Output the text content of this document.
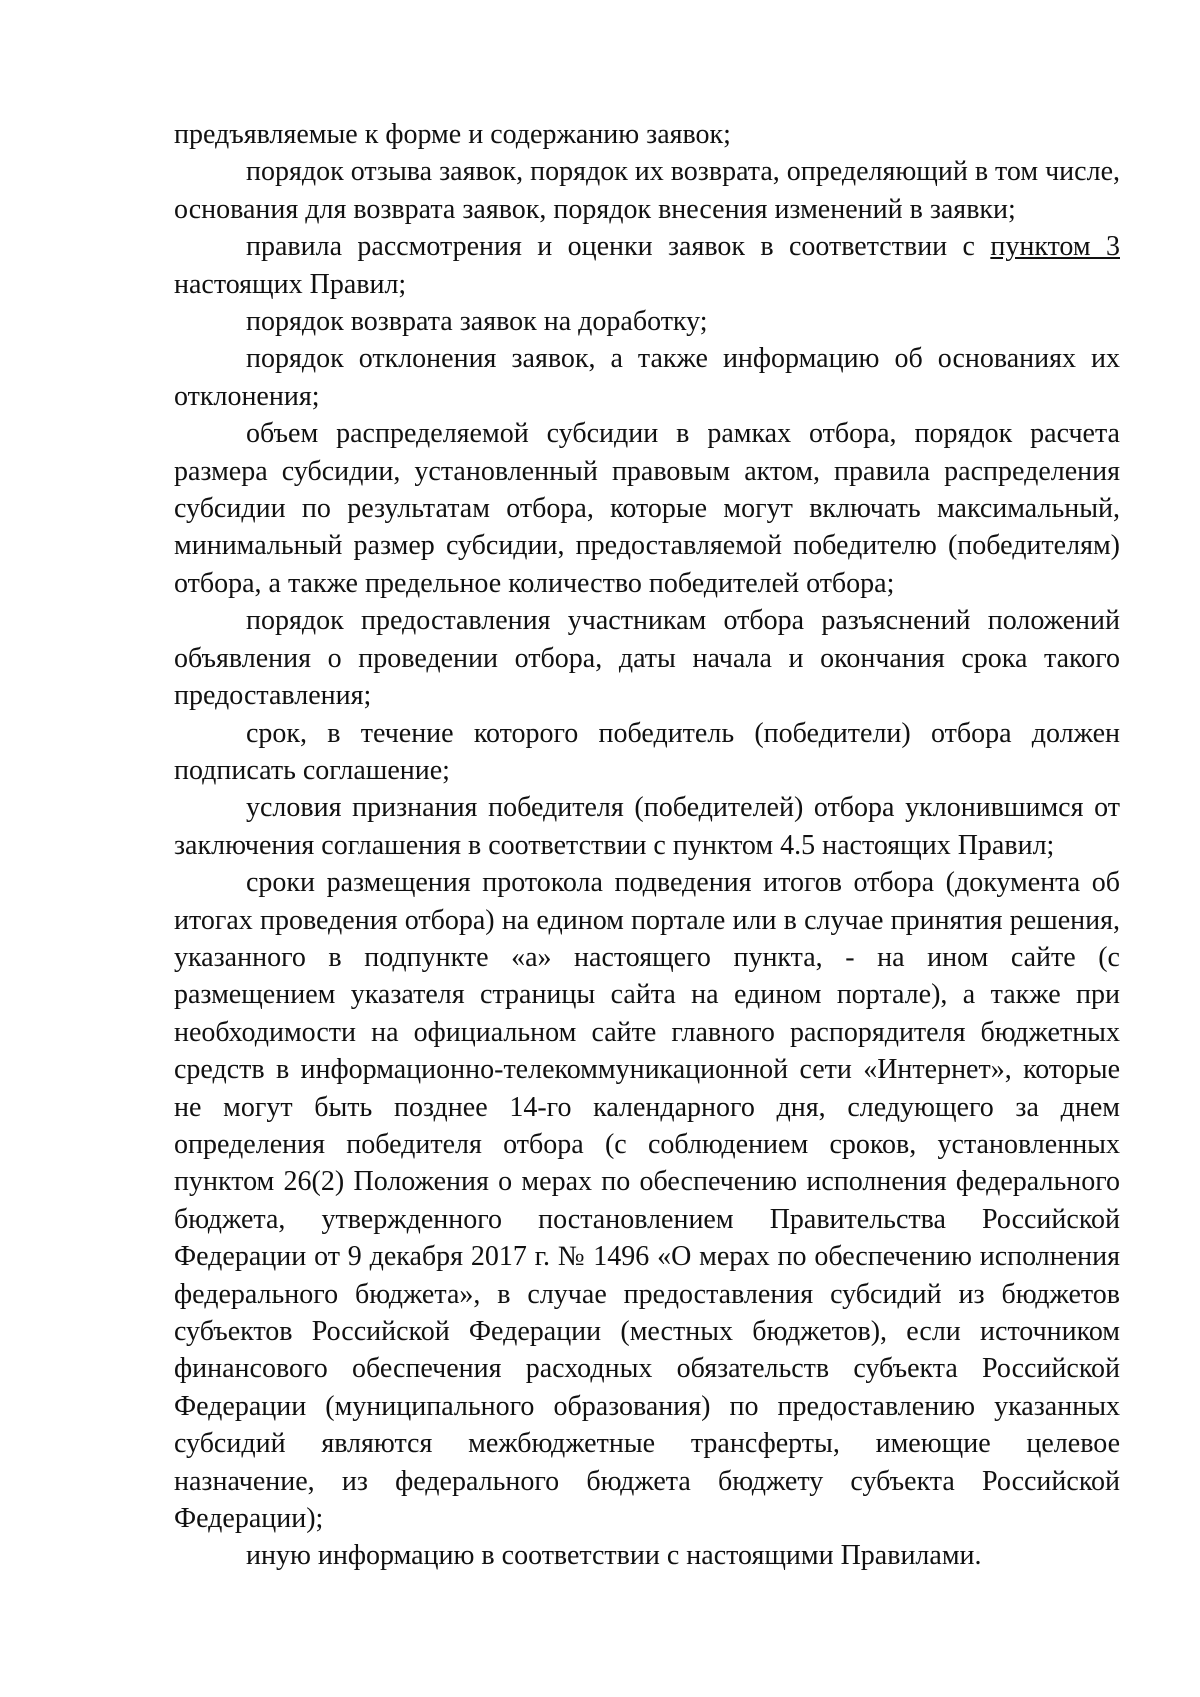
предъявляемые к форме и содержанию заявок;

порядок отзыва заявок, порядок их возврата, определяющий в том числе, основания для возврата заявок, порядок внесения изменений в заявки;

правила рассмотрения и оценки заявок в соответствии с пунктом 3 настоящих Правил;

порядок возврата заявок на доработку;

порядок отклонения заявок, а также информацию об основаниях их отклонения;

объем распределяемой субсидии в рамках отбора, порядок расчета размера субсидии, установленный правовым актом, правила распределения субсидии по результатам отбора, которые могут включать максимальный, минимальный размер субсидии, предоставляемой победителю (победителям) отбора, а также предельное количество победителей отбора;

порядок предоставления участникам отбора разъяснений положений объявления о проведении отбора, даты начала и окончания срока такого предоставления;

срок, в течение которого победитель (победители) отбора должен подписать соглашение;

условия признания победителя (победителей) отбора уклонившимся от заключения соглашения в соответствии с пунктом 4.5 настоящих Правил;

сроки размещения протокола подведения итогов отбора (документа об итогах проведения отбора) на едином портале или в случае принятия решения, указанного в подпункте «а» настоящего пункта, - на ином сайте (с размещением указателя страницы сайта на едином портале), а также при необходимости на официальном сайте главного распорядителя бюджетных средств в информационно-телекоммуникационной сети «Интернет», которые не могут быть позднее 14-го календарного дня, следующего за днем определения победителя отбора (с соблюдением сроков, установленных пунктом 26(2) Положения о мерах по обеспечению исполнения федерального бюджета, утвержденного постановлением Правительства Российской Федерации от 9 декабря 2017 г. № 1496 «О мерах по обеспечению исполнения федерального бюджета», в случае предоставления субсидий из бюджетов субъектов Российской Федерации (местных бюджетов), если источником финансового обеспечения расходных обязательств субъекта Российской Федерации (муниципального образования) по предоставлению указанных субсидий являются межбюджетные трансферты, имеющие целевое назначение, из федерального бюджета бюджету субъекта Российской Федерации);

иную информацию в соответствии с настоящими Правилами.
